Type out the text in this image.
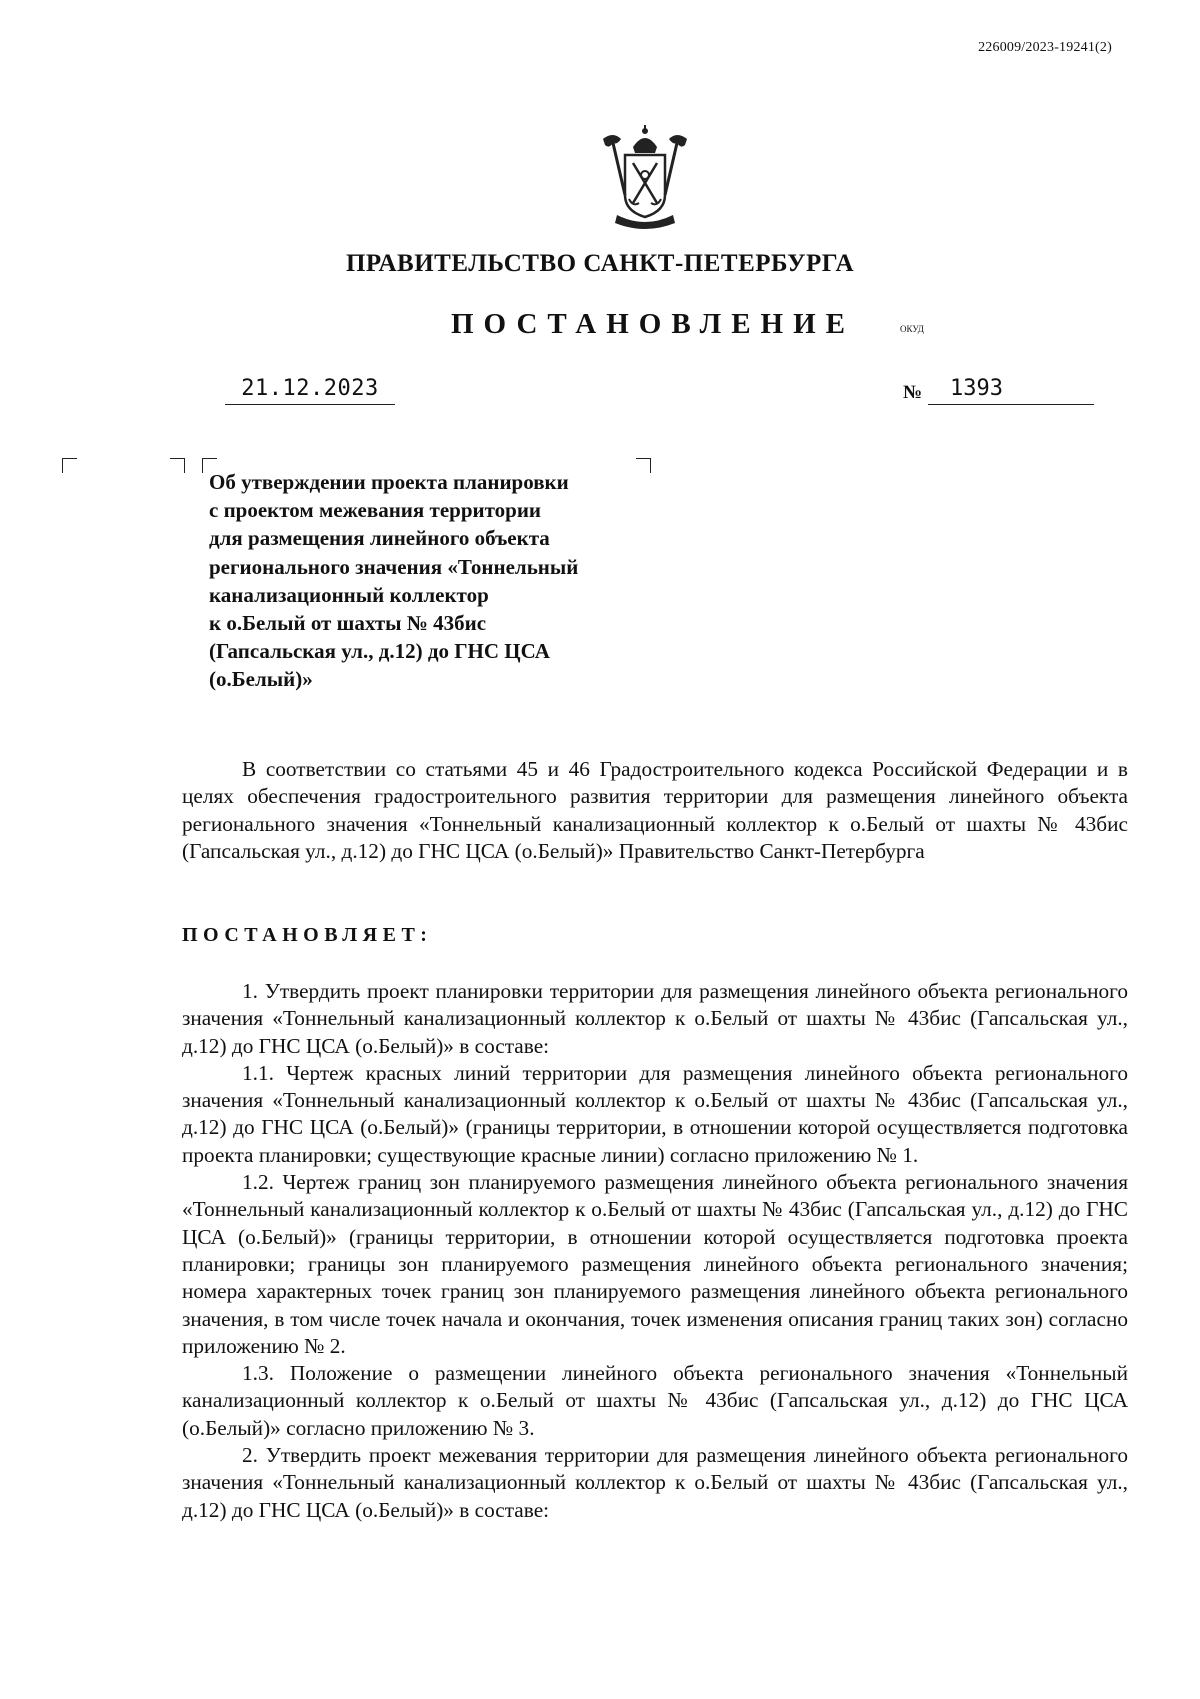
226009/2023-19241(2)
ПРАВИТЕЛЬСТВО САНКТ-ПЕТЕРБУРГА
ПОСТАНОВЛЕНИЕ	ОКУД
21.12.2023	№	1393
Об утверждении проекта планировки
с проектом межевания территории
для размещения линейного объекта
регионального значения «Тоннельный
канализационный коллектор
к о.Белый от шахты № 43бис
(Гапсальская ул., д.12) до ГНС ЦСА
(о.Белый)»

В соответствии со статьями 45 и 46 Градостроительного кодекса Российской Федерации и в целях обеспечения градостроительного развития территории для размещения линейного объекта регионального значения «Тоннельный канализационный коллектор к о.Белый от шахты № 43бис (Гапсальская ул., д.12) до ГНС ЦСА (о.Белый)» Правительство Санкт-Петербурга

ПОСТАНОВЛЯЕТ:

1. Утвердить проект планировки территории для размещения линейного объекта регионального значения «Тоннельный канализационный коллектор к о.Белый от шахты № 43бис (Гапсальская ул., д.12) до ГНС ЦСА (о.Белый)» в составе:

1.1. Чертеж красных линий территории для размещения линейного объекта регионального значения «Тоннельный канализационный коллектор к о.Белый от шахты № 43бис (Гапсальская ул., д.12) до ГНС ЦСА (о.Белый)» (границы территории, в отношении которой осуществляется подготовка проекта планировки; существующие красные линии) согласно приложению № 1.

1.2. Чертеж границ зон планируемого размещения линейного объекта регионального значения «Тоннельный канализационный коллектор к о.Белый от шахты № 43бис (Гапсальская ул., д.12) до ГНС ЦСА (о.Белый)» (границы территории, в отношении которой осуществляется подготовка проекта планировки; границы зон планируемого размещения линейного объекта регионального значения; номера характерных точек границ зон планируемого размещения линейного объекта регионального значения, в том числе точек начала и окончания, точек изменения описания границ таких зон) согласно приложению № 2.

1.3. Положение о размещении линейного объекта регионального значения «Тоннельный канализационный коллектор к о.Белый от шахты № 43бис (Гапсальская ул., д.12) до ГНС ЦСА (о.Белый)» согласно приложению № 3.

2. Утвердить проект межевания территории для размещения линейного объекта регионального значения «Тоннельный канализационный коллектор к о.Белый от шахты № 43бис (Гапсальская ул., д.12) до ГНС ЦСА (о.Белый)» в составе:
